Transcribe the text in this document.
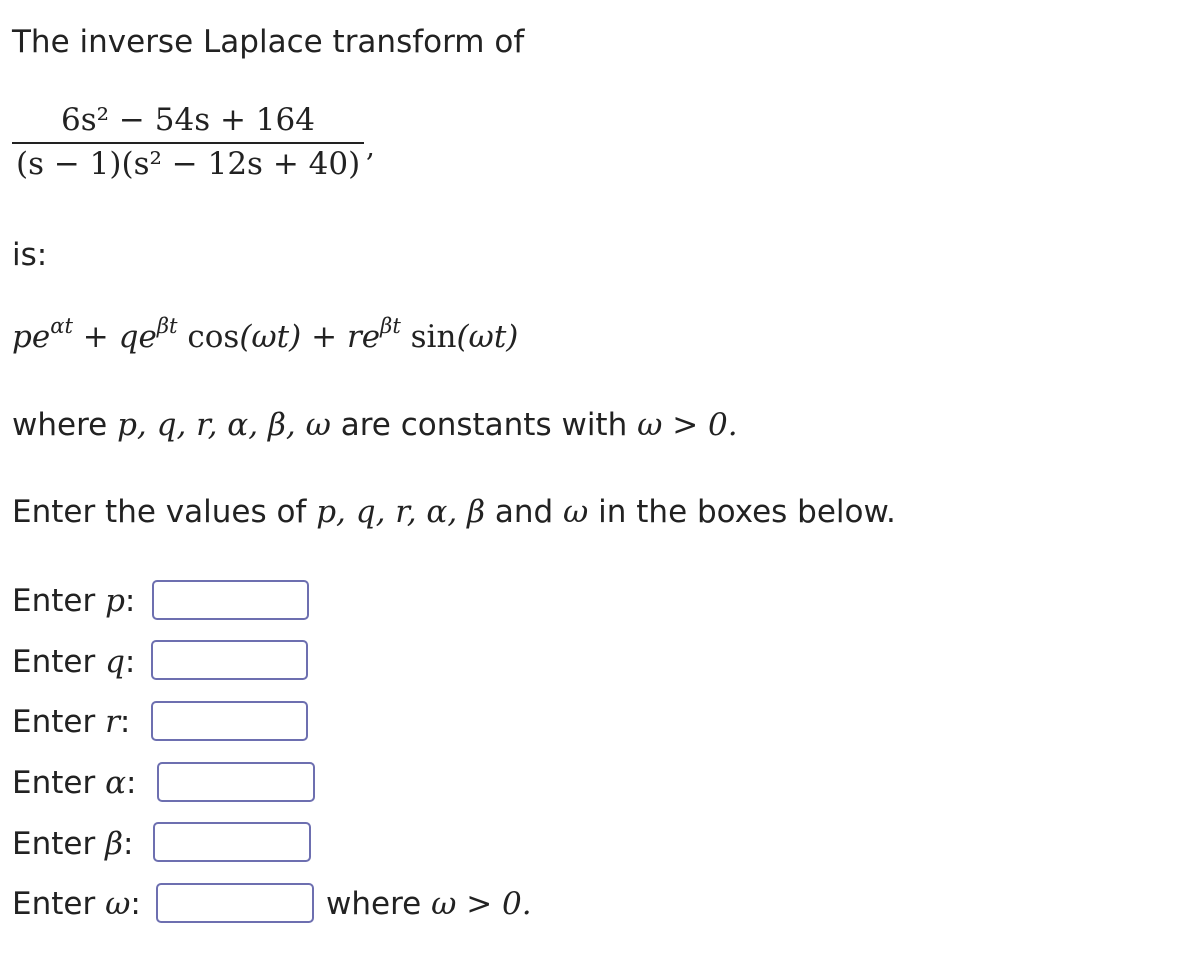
The inverse Laplace transform of
6s² − 54s + 164
(s − 1)(s² − 12s + 40) ,
is:
$pe^{\alpha t} + qe^{\beta t}$ $\cos(\omega t) + re^{\beta t}$ sin(ωt)
where p, q, r, α, β, ω are constants with ω > 0.
Enter the values of p, q, r, α, β and ω in the boxes below.
Enter p:
Enter q:
Enter r:
Enter α:
Enter β:
Enter ω:	where ω > 0.
